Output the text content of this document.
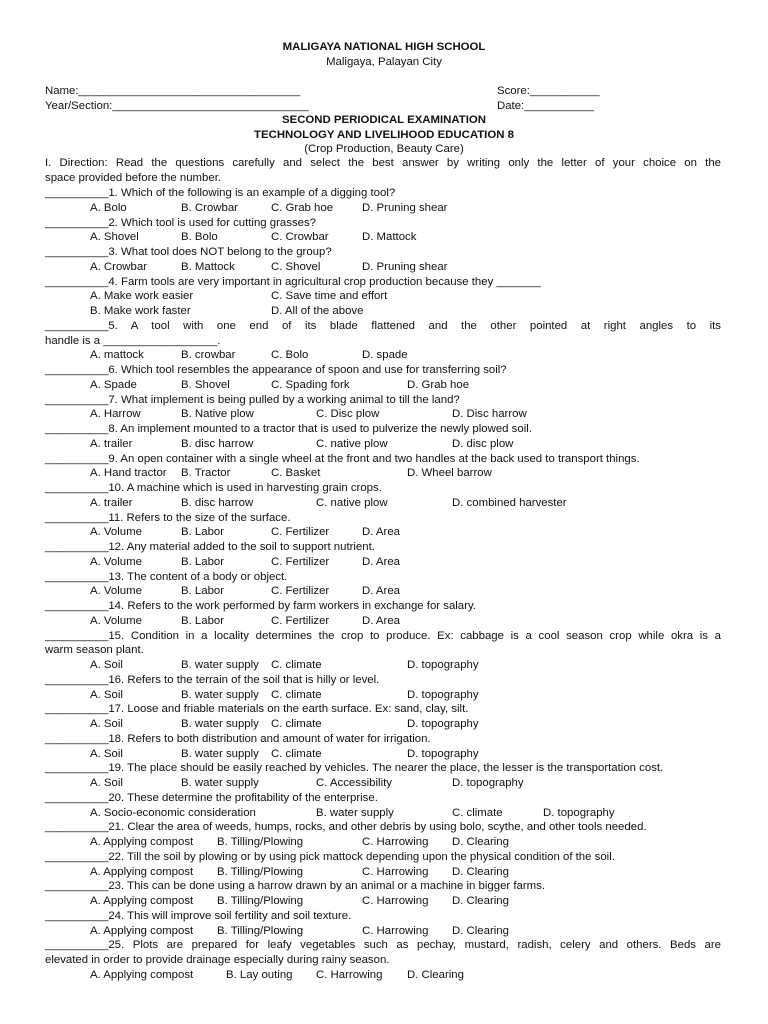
MALIGAYA NATIONAL HIGH SCHOOL
Maligaya, Palayan City
Name:___________________________________	Score:___________
Year/Section:_______________________________	Date:___________
SECOND PERIODICAL EXAMINATION
TECHNOLOGY AND LIVELIHOOD EDUCATION 8
(Crop Production, Beauty Care)
I. Direction: Read the questions carefully and select the best answer by writing only the letter of your choice on the
space provided before the number.
__________1. Which of the following is an example of a digging tool?
A. Bolo	B. Crowbar	C. Grab hoe	D. Pruning shear
__________2. Which tool is used for cutting grasses?
A. Shovel	B. Bolo	C. Crowbar	D. Mattock
__________3. What tool does NOT belong to the group?
A. Crowbar	B. Mattock	C. Shovel	D. Pruning shear
__________4. Farm tools are very important in agricultural crop production because they _______
A. Make work easier	C. Save time and effort
B. Make work faster	D. All of the above
__________5. A tool with one end of its blade flattened and the other pointed at right angles to its
handle is a __________________.
A. mattock	B. crowbar	C. Bolo	D. spade
__________6. Which tool resembles the appearance of spoon and use for transferring soil?
A. Spade	B. Shovel	C. Spading fork	D. Grab hoe
__________7. What implement is being pulled by a working animal to till the land?
A. Harrow	B. Native plow	C. Disc plow	D. Disc harrow
__________8. An implement mounted to a tractor that is used to pulverize the newly plowed soil.
A. trailer	B. disc harrow	C. native plow	D. disc plow
__________9. An open container with a single wheel at the front and two handles at the back used to transport things.
A. Hand tractor B. Tractor	C. Basket	D. Wheel barrow
__________10. A machine which is used in harvesting grain crops.
A. trailer	B. disc harrow	C. native plow	D. combined harvester
__________11. Refers to the size of the surface.
A. Volume	B. Labor	C. Fertilizer	D. Area
__________12. Any material added to the soil to support nutrient.
A. Volume	B. Labor	C. Fertilizer	D. Area
__________13. The content of a body or object.
A. Volume	B. Labor	C. Fertilizer	D. Area
__________14. Refers to the work performed by farm workers in exchange for salary.
A. Volume	B. Labor	C. Fertilizer	D. Area
__________15. Condition in a locality determines the crop to produce. Ex: cabbage is a cool season crop while okra is a
warm season plant.
A. Soil	B. water supply C. climate	D. topography
__________16. Refers to the terrain of the soil that is hilly or level.
A. Soil	B. water supply C. climate	D. topography
__________17. Loose and friable materials on the earth surface. Ex: sand, clay, silt.
A. Soil	B. water supply C. climate	D. topography
__________18. Refers to both distribution and amount of water for irrigation.
A. Soil	B. water supply C. climate	D. topography
__________19. The place should be easily reached by vehicles. The nearer the place, the lesser is the transportation cost.
A. Soil	B. water supply	C. Accessibility	D. topography
__________20. These determine the profitability of the enterprise.
A. Socio-economic consideration	B. water supply	C. climate	D. topography
__________21. Clear the area of weeds, humps, rocks, and other debris by using bolo, scythe, and other tools needed.
A. Applying compost B. Tilling/Plowing	C. Harrowing D. Clearing
__________22. Till the soil by plowing or by using pick mattock depending upon the physical condition of the soil.
A. Applying compost B. Tilling/Plowing	C. Harrowing D. Clearing
__________23. This can be done using a harrow drawn by an animal or a machine in bigger farms.
A. Applying compost B. Tilling/Plowing	C. Harrowing D. Clearing
__________24. This will improve soil fertility and soil texture.
A. Applying compost B. Tilling/Plowing	C. Harrowing D. Clearing
__________25. Plots are prepared for leafy vegetables such as pechay, mustard, radish, celery and others. Beds are
elevated in order to provide drainage especially during rainy season.
A. Applying compost	B. Lay outing C. Harrowing D. Clearing
